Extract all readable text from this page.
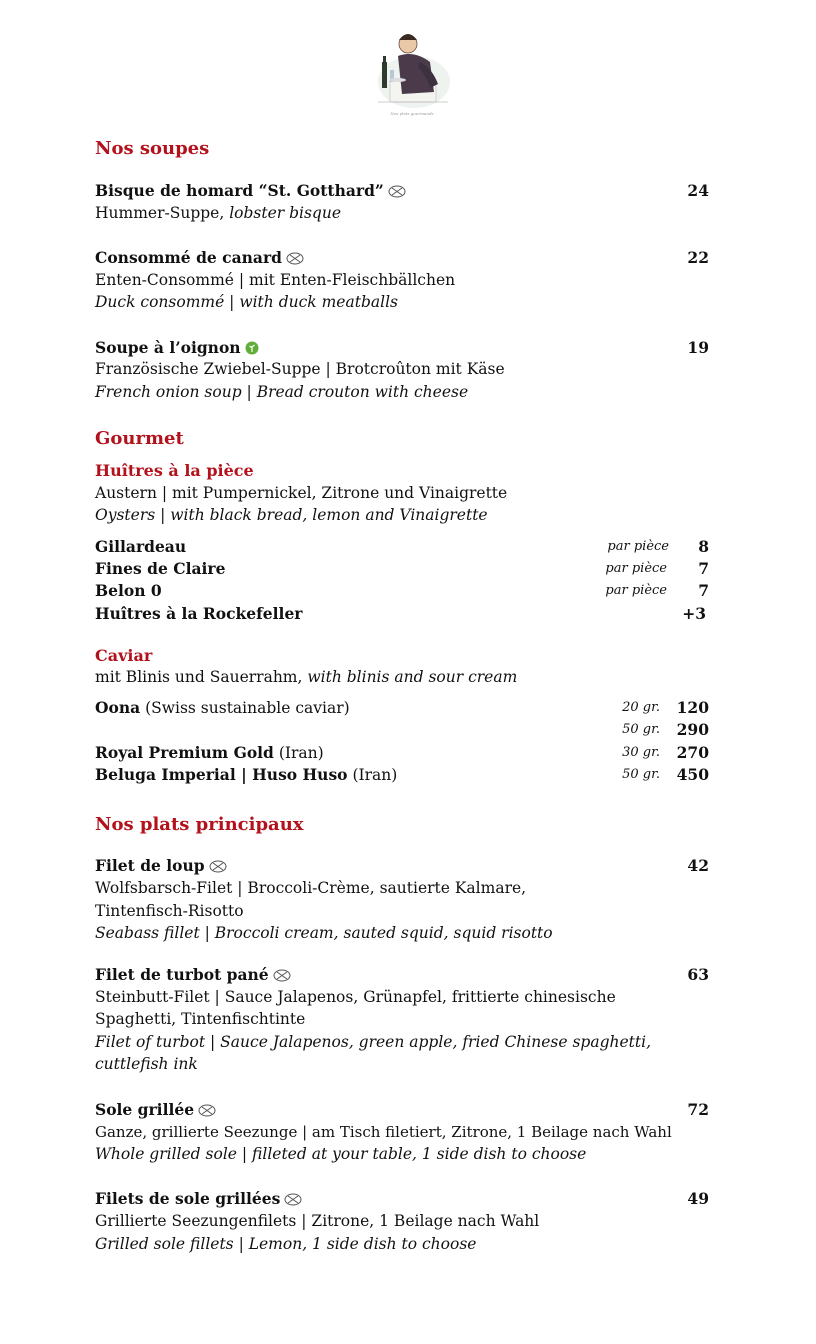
Nos plats gourmands
Nos soupes
Bisque de homard “St. Gotthard”	24
Hummer-Suppe, lobster bisque
Consommé de canard	22
Enten-Consommé | mit Enten-Fleischbällchen
Duck consommé | with duck meatballs
Soupe à l’oignon	19
Französische Zwiebel-Suppe | Brotcroûton mit Käse
French onion soup | Bread crouton with cheese
Gourmet
Huîtres à la pièce
Austern | mit Pumpernickel, Zitrone und Vinaigrette
Oysters | with black bread, lemon and Vinaigrette
Gillardeau	par pièce 8
Fines de Claire	par pièce 7
Belon 0	par pièce 7
Huîtres à la Rockefeller	+3
Caviar
mit Blinis und Sauerrahm, with blinis and sour cream
Oona (Swiss sustainable caviar)	20 gr. 120
50 gr. 290
Royal Premium Gold (Iran)	30 gr. 270
Beluga Imperial | Huso Huso (Iran)	50 gr. 450
Nos plats principaux
Filet de loup	42
Wolfsbarsch-Filet | Broccoli-Crème, sautierte Kalmare,
Tintenfisch-Risotto
Seabass fillet | Broccoli cream, sauted squid, squid risotto
Filet de turbot pané	63
Steinbutt-Filet | Sauce Jalapenos, Grünapfel, frittierte chinesische
Spaghetti, Tintenfischtinte
Filet of turbot | Sauce Jalapenos, green apple, fried Chinese spaghetti,
cuttlefish ink
Sole grillée	72
Ganze, grillierte Seezunge | am Tisch filetiert, Zitrone, 1 Beilage nach Wahl
Whole grilled sole | filleted at your table, 1 side dish to choose
Filets de sole grillées	49
Grillierte Seezungenfilets | Zitrone, 1 Beilage nach Wahl
Grilled sole fillets | Lemon, 1 side dish to choose
